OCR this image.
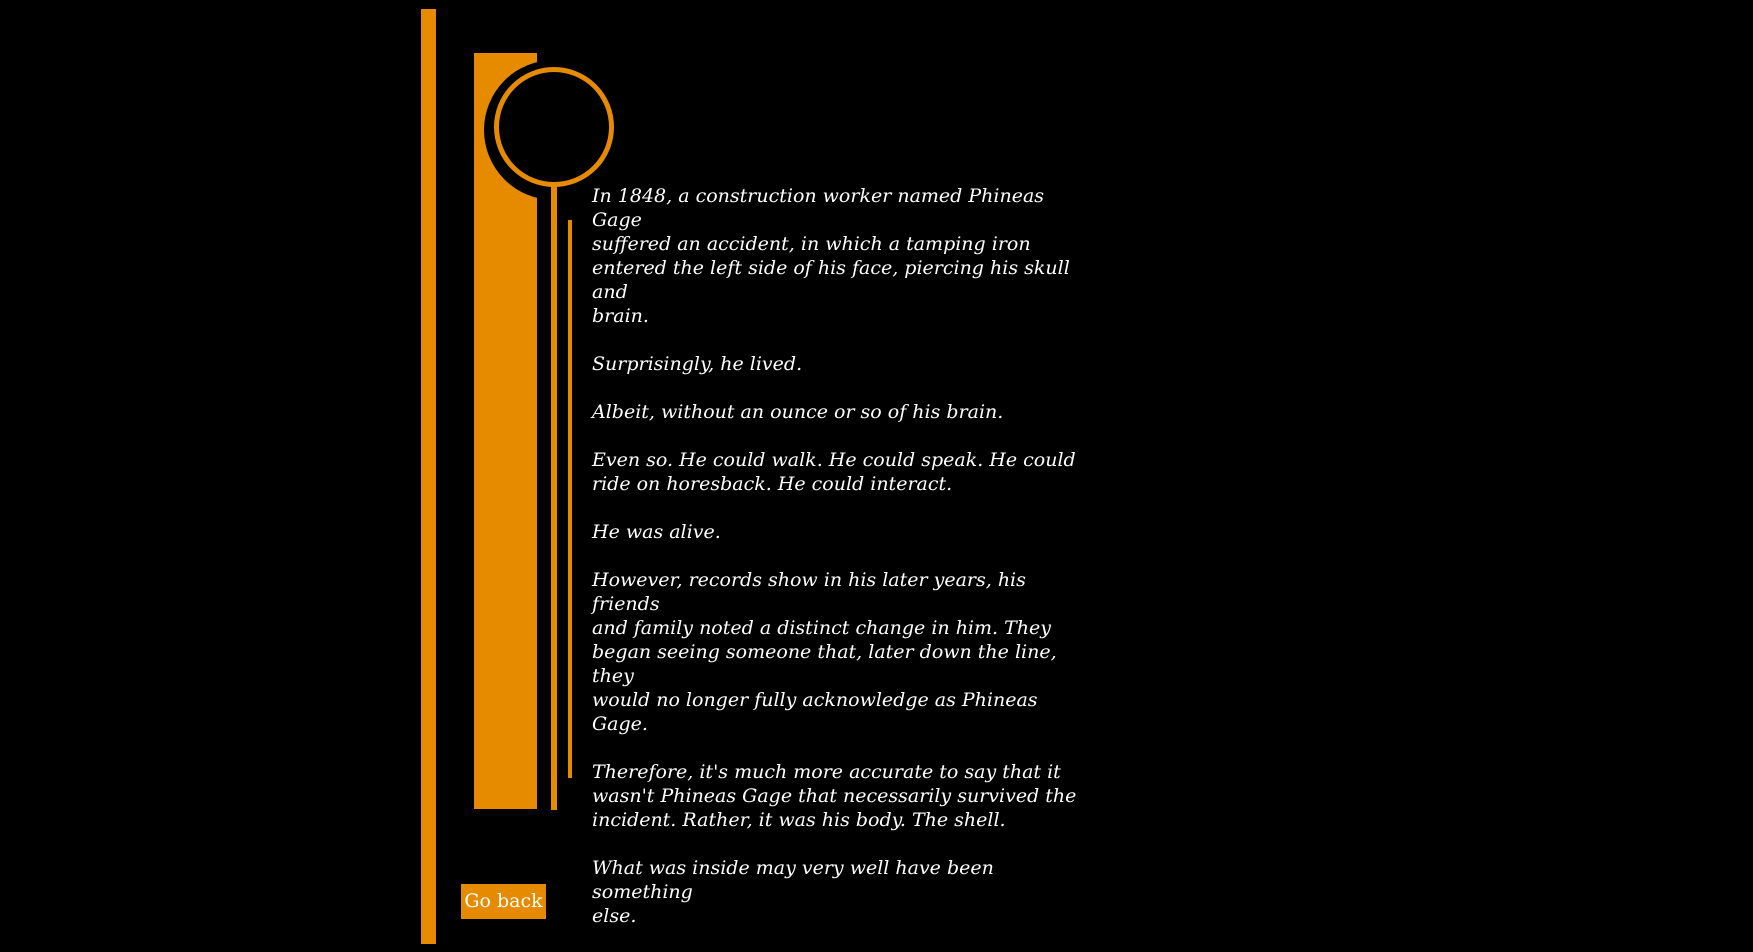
In 1848, a construction worker named Phineas Gage
suffered an accident, in which a tamping iron
entered the left side of his face, piercing his skull and
brain.

Surprisingly, he lived.

Albeit, without an ounce or so of his brain.

Even so. He could walk. He could speak. He could
ride on horesback. He could interact.

He was alive.

However, records show in his later years, his friends
and family noted a distinct change in him. They
began seeing someone that, later down the line, they
would no longer fully acknowledge as Phineas Gage.

Therefore, it's much more accurate to say that it
wasn't Phineas Gage that necessarily survived the
incident. Rather, it was his body. The shell.

What was inside may very well have been something
else.

Go back
